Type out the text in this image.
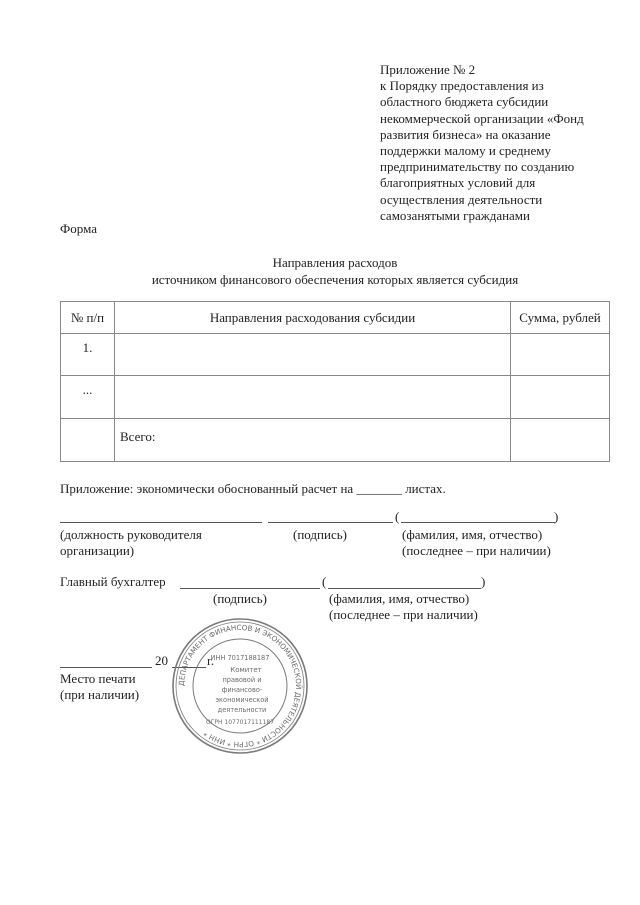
Приложение № 2
к Порядку предоставления из
областного бюджета субсидии
некоммерческой организации «Фонд
развития бизнеса» на оказание
поддержки малому и среднему
предпринимательству по созданию
благоприятных условий для
осуществления деятельности
самозанятыми гражданами
Форма
Направления расходов
источником финансового обеспечения которых является субсидия
№ п/п	Направления расходования субсидии	Сумма, рублей
1.		
...		
	Всего:	
Приложение: экономически обоснованный расчет на _______ листах.
(	)
(должность руководителя
организации)
(подпись)	(фамилия, имя, отчество)
(последнее – при наличии)
Главный бухгалтер	(	)
(подпись)	(фамилия, имя, отчество)
(последнее – при наличии)
20	г.
Место печати
(при наличии)
ДЕПАРТАМЕНТ ФИНАНСОВ И ЭКОНОМИЧЕСКОЙ ДЕЯТЕЛЬНОСТИ * ОГРН * ИНН *
ИНН 7017188187
Комитет
правовой и
финансово-
экономической
деятельности
ОГРН 1077017111187
